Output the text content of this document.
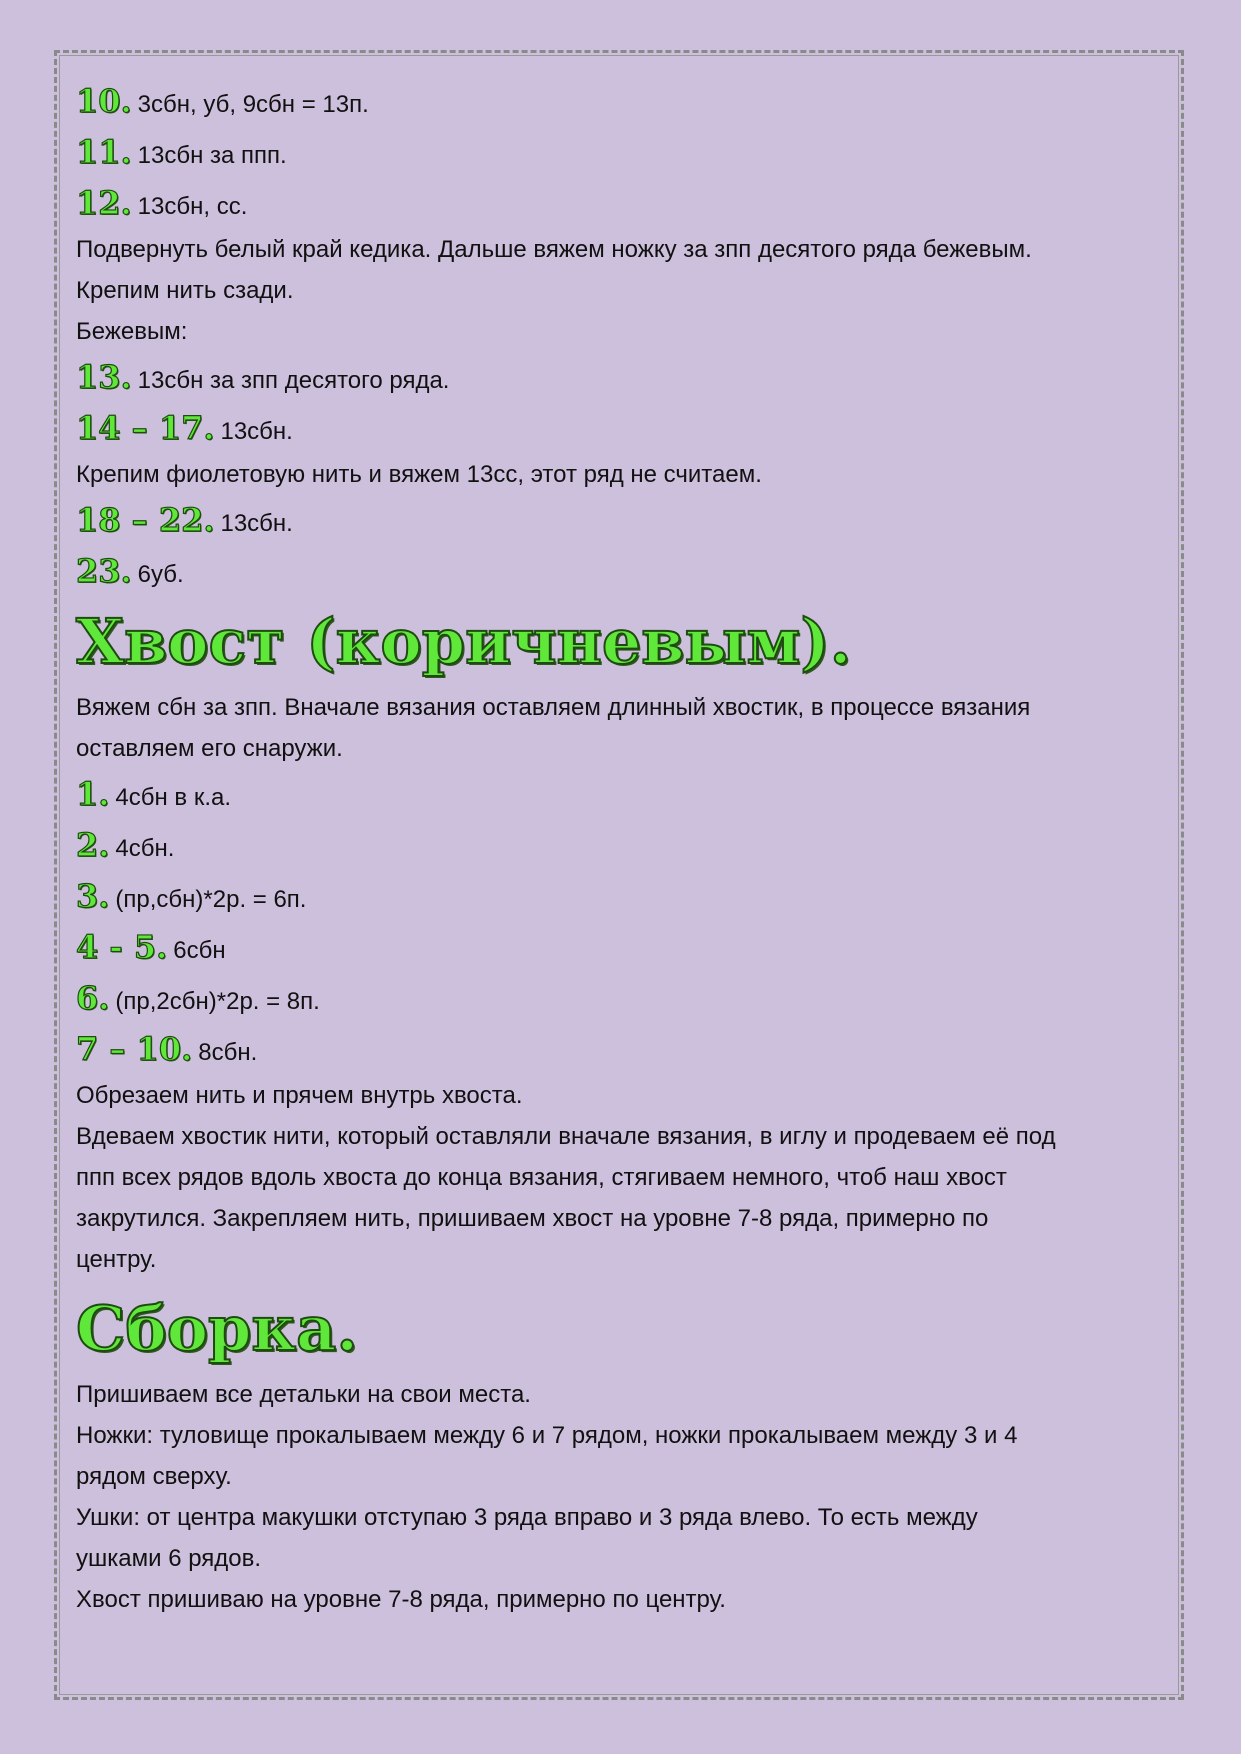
10. 3сбн, уб, 9сбн = 13п.
11. 13сбн за ппп.
12. 13сбн, сс.
Подвернуть белый край кедика. Дальше вяжем ножку за зпп десятого ряда бежевым.
Крепим нить сзади.
Бежевым:
13. 13сбн за зпп десятого ряда.
14 – 17. 13сбн.
Крепим фиолетовую нить и вяжем 13сс, этот ряд не считаем.
18 – 22. 13сбн.
23. 6уб.
Хвост (коричневым).
Вяжем сбн за зпп. Вначале вязания оставляем длинный хвостик, в процессе вязания
оставляем его снаружи.
1. 4сбн в к.а.
2. 4сбн.
3. (пр,сбн)*2р. = 6п.
4 - 5. 6сбн
6. (пр,2сбн)*2р. = 8п.
7 – 10. 8сбн.
Обрезаем нить и прячем внутрь хвоста.
Вдеваем хвостик нити, который оставляли вначале вязания, в иглу и продеваем её под
ппп всех рядов вдоль хвоста до конца вязания, стягиваем немного, чтоб наш хвост
закрутился. Закрепляем нить, пришиваем хвост на уровне 7-8 ряда, примерно по
центру.
Сборка.
Пришиваем все детальки на свои места.
Ножки: туловище прокалываем между 6 и 7 рядом, ножки прокалываем между 3 и 4
рядом сверху.
Ушки: от центра макушки отступаю 3 ряда вправо и 3 ряда влево. То есть между
ушками 6 рядов.
Хвост пришиваю на уровне 7-8 ряда, примерно по центру.
